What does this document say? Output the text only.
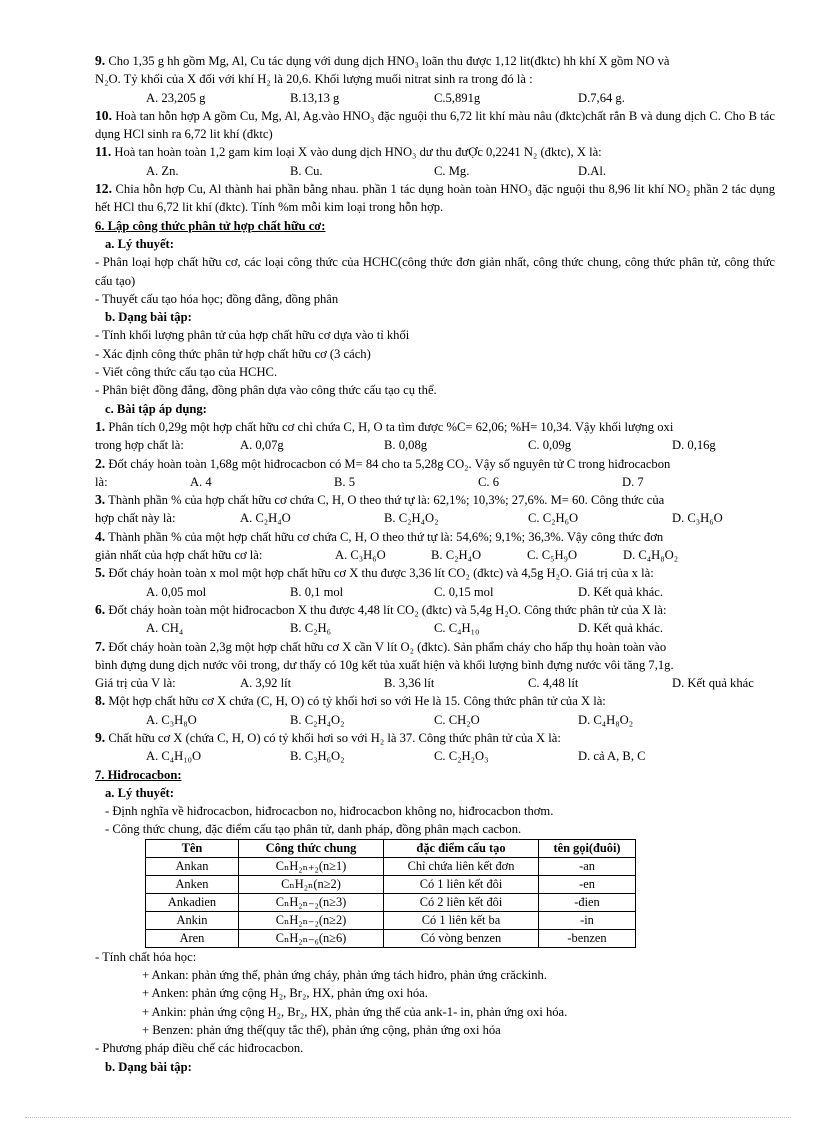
9. Cho 1,35 g hh gồm Mg, Al, Cu tác dụng với dung dịch HNO₃ loãn thu được 1,12 lit(đktc) hh khí X gồm NO và

N₂O. Tỷ khối của X đối với khí H₂ là 20,6. Khối lượng muối nitrat sinh ra trong đó là :

A. 23,205 g	B.13,13 g	C.5,891g	D.7,64 g.

10. Hoà tan hỗn hợp A gồm Cu, Mg, Al, Ag.vào HNO₃ đặc nguội thu 6,72 lit khí màu nâu (đktc)chất rắn B và dung dịch C. Cho B tác dụng HCl sinh ra 6,72 lit khí (đktc)

11. Hoà tan hoàn toàn 1,2 gam kim loại X vào dung dịch HNO₃ dư thu đưỢc 0,2241 N₂ (đktc), X là:

A. Zn.	B. Cu.	C. Mg.	D.Al.

12. Chia hỗn hợp Cu, Al thành hai phần bằng nhau. phần 1 tác dụng hoàn toàn HNO₃ đặc nguội thu 8,96 lit khí NO₂ phần 2 tác dụng hết HCl thu 6,72 lit khí (đktc). Tính %m mỗi kim loại trong hỗn hợp.

6. Lập công thức phân tử hợp chất hữu cơ:

a. Lý thuyết:

- Phân loại hợp chất hữu cơ, các loại công thức của HCHC(công thức đơn giản nhất, công thức chung, công thức phân tử, công thức cấu tạo)

- Thuyết cấu tạo hóa học; đồng đẳng, đồng phân

b. Dạng bài tập:

- Tính khối lượng phân tử của hợp chất hữu cơ dựa vào tỉ khối

- Xác định công thức phân tử hợp chất hữu cơ (3 cách)

- Viết công thức cấu tạo của HCHC.

- Phân biệt đồng đẳng, đồng phân dựa vào công thức cấu tạo cụ thể.

c. Bài tập áp dụng:

1. Phân tích 0,29g một hợp chất hữu cơ chỉ chứa C, H, O ta tìm được %C= 62,06; %H= 10,34. Vậy khối lượng oxi

trong hợp chất là:	A. 0,07g	B. 0,08g	C. 0,09g	D. 0,16g

2. Đốt cháy hoàn toàn 1,68g một hiđrocacbon có M= 84 cho ta 5,28g CO₂. Vậy số nguyên tử C trong hiđrocacbon

là:	A. 4	B. 5	C. 6	D. 7

3. Thành phần % của hợp chất hữu cơ chứa C, H, O theo thứ tự là: 62,1%; 10,3%; 27,6%. M= 60. Công thức của

hợp chất này là:	A. C₂H₄O	B. C₂H₄O₂	C. C₂H₆O	D. C₃H₆O

4. Thành phần % của một hợp chất hữu cơ chứa C, H, O theo thứ tự là: 54,6%; 9,1%; 36,3%. Vậy công thức đơn

giản nhất của hợp chất hữu cơ là:	A. C₃H₆O	B. C₂H₄O	C. C₅H₉O	D. C₄H₈O₂

5. Đốt cháy hoàn toàn x mol một hợp chất hữu cơ X thu được 3,36 lít CO₂ (đktc) và 4,5g H₂O. Giá trị của x là:

A. 0,05 mol	B. 0,1 mol	C. 0,15 mol	D. Kết quả khác.

6. Đốt cháy hoàn toàn một hiđrocacbon X thu được 4,48 lít CO₂ (đktc) và 5,4g H₂O. Công thức phân tử của X là:

A. CH₄	B. C₂H₆	C. C₄H₁₀	D. Kết quả khác.

7. Đốt cháy hoàn toàn 2,3g một hợp chất hữu cơ X cần V lít O₂ (đktc). Sản phẩm cháy cho hấp thụ hoàn toàn vào

bình đựng dung dịch nước vôi trong, dư thấy có 10g kết tủa xuất hiện và khối lượng bình đựng nước vôi tăng 7,1g.

Giá trị của V là:	A. 3,92 lít	B. 3,36 lít	C. 4,48 lít	D. Kết quả khác

8. Một hợp chất hữu cơ X chứa (C, H, O) có tỷ khối hơi so với He là 15. Công thức phân tử của X là:

A. C₃H₈O	B. C₂H₄O₂	C. CH₂O	D. C₄H₈O₂

9. Chất hữu cơ X (chứa C, H, O) có tỷ khối hơi so với H₂ là 37. Công thức phân tử của X là:

A. C₄H₁₀O	B. C₃H₆O₂	C. C₂H₂O₃	D. cả A, B, C

7. Hiđrocacbon:

a. Lý thuyết:

- Định nghĩa về hiđrocacbon, hiđrocacbon no, hiđrocacbon không no, hiđrocacbon thơm.

- Công thức chung, đặc điểm cấu tạo phân tử, danh pháp, đồng phân mạch cacbon.

Tên	Công thức chung	đặc điểm cấu tạo	tên gọi(đuôi)
Ankan	CₙH₂ₙ₊₂(n≥1)	Chỉ chứa liên kết đơn	-an
Anken	CₙH₂ₙ(n≥2)	Có 1 liên kết đôi	-en
Ankadien	CₙH₂ₙ₋₂(n≥3)	Có 2 liên kết đôi	-đien
Ankin	CₙH₂ₙ₋₂(n≥2)	Có 1 liên kết ba	-in
Aren	CₙH₂ₙ₋₆(n≥6)	Có vòng benzen	-benzen

- Tính chất hóa học:

+ Ankan: phản ứng thế, phản ứng cháy, phản ứng tách hiđro, phản ứng crăckinh.

+ Anken: phản ứng cộng H₂, Br₂, HX, phản ứng oxi hóa.

+ Ankin: phản ứng cộng H₂, Br₂, HX, phản ứng thế của ank-1- in, phản ứng oxi hóa.

+ Benzen: phản ứng thế(quy tắc thế), phản ứng cộng, phản ứng oxi hóa

- Phương pháp điều chế các hiđrocacbon.

b. Dạng bài tập:
